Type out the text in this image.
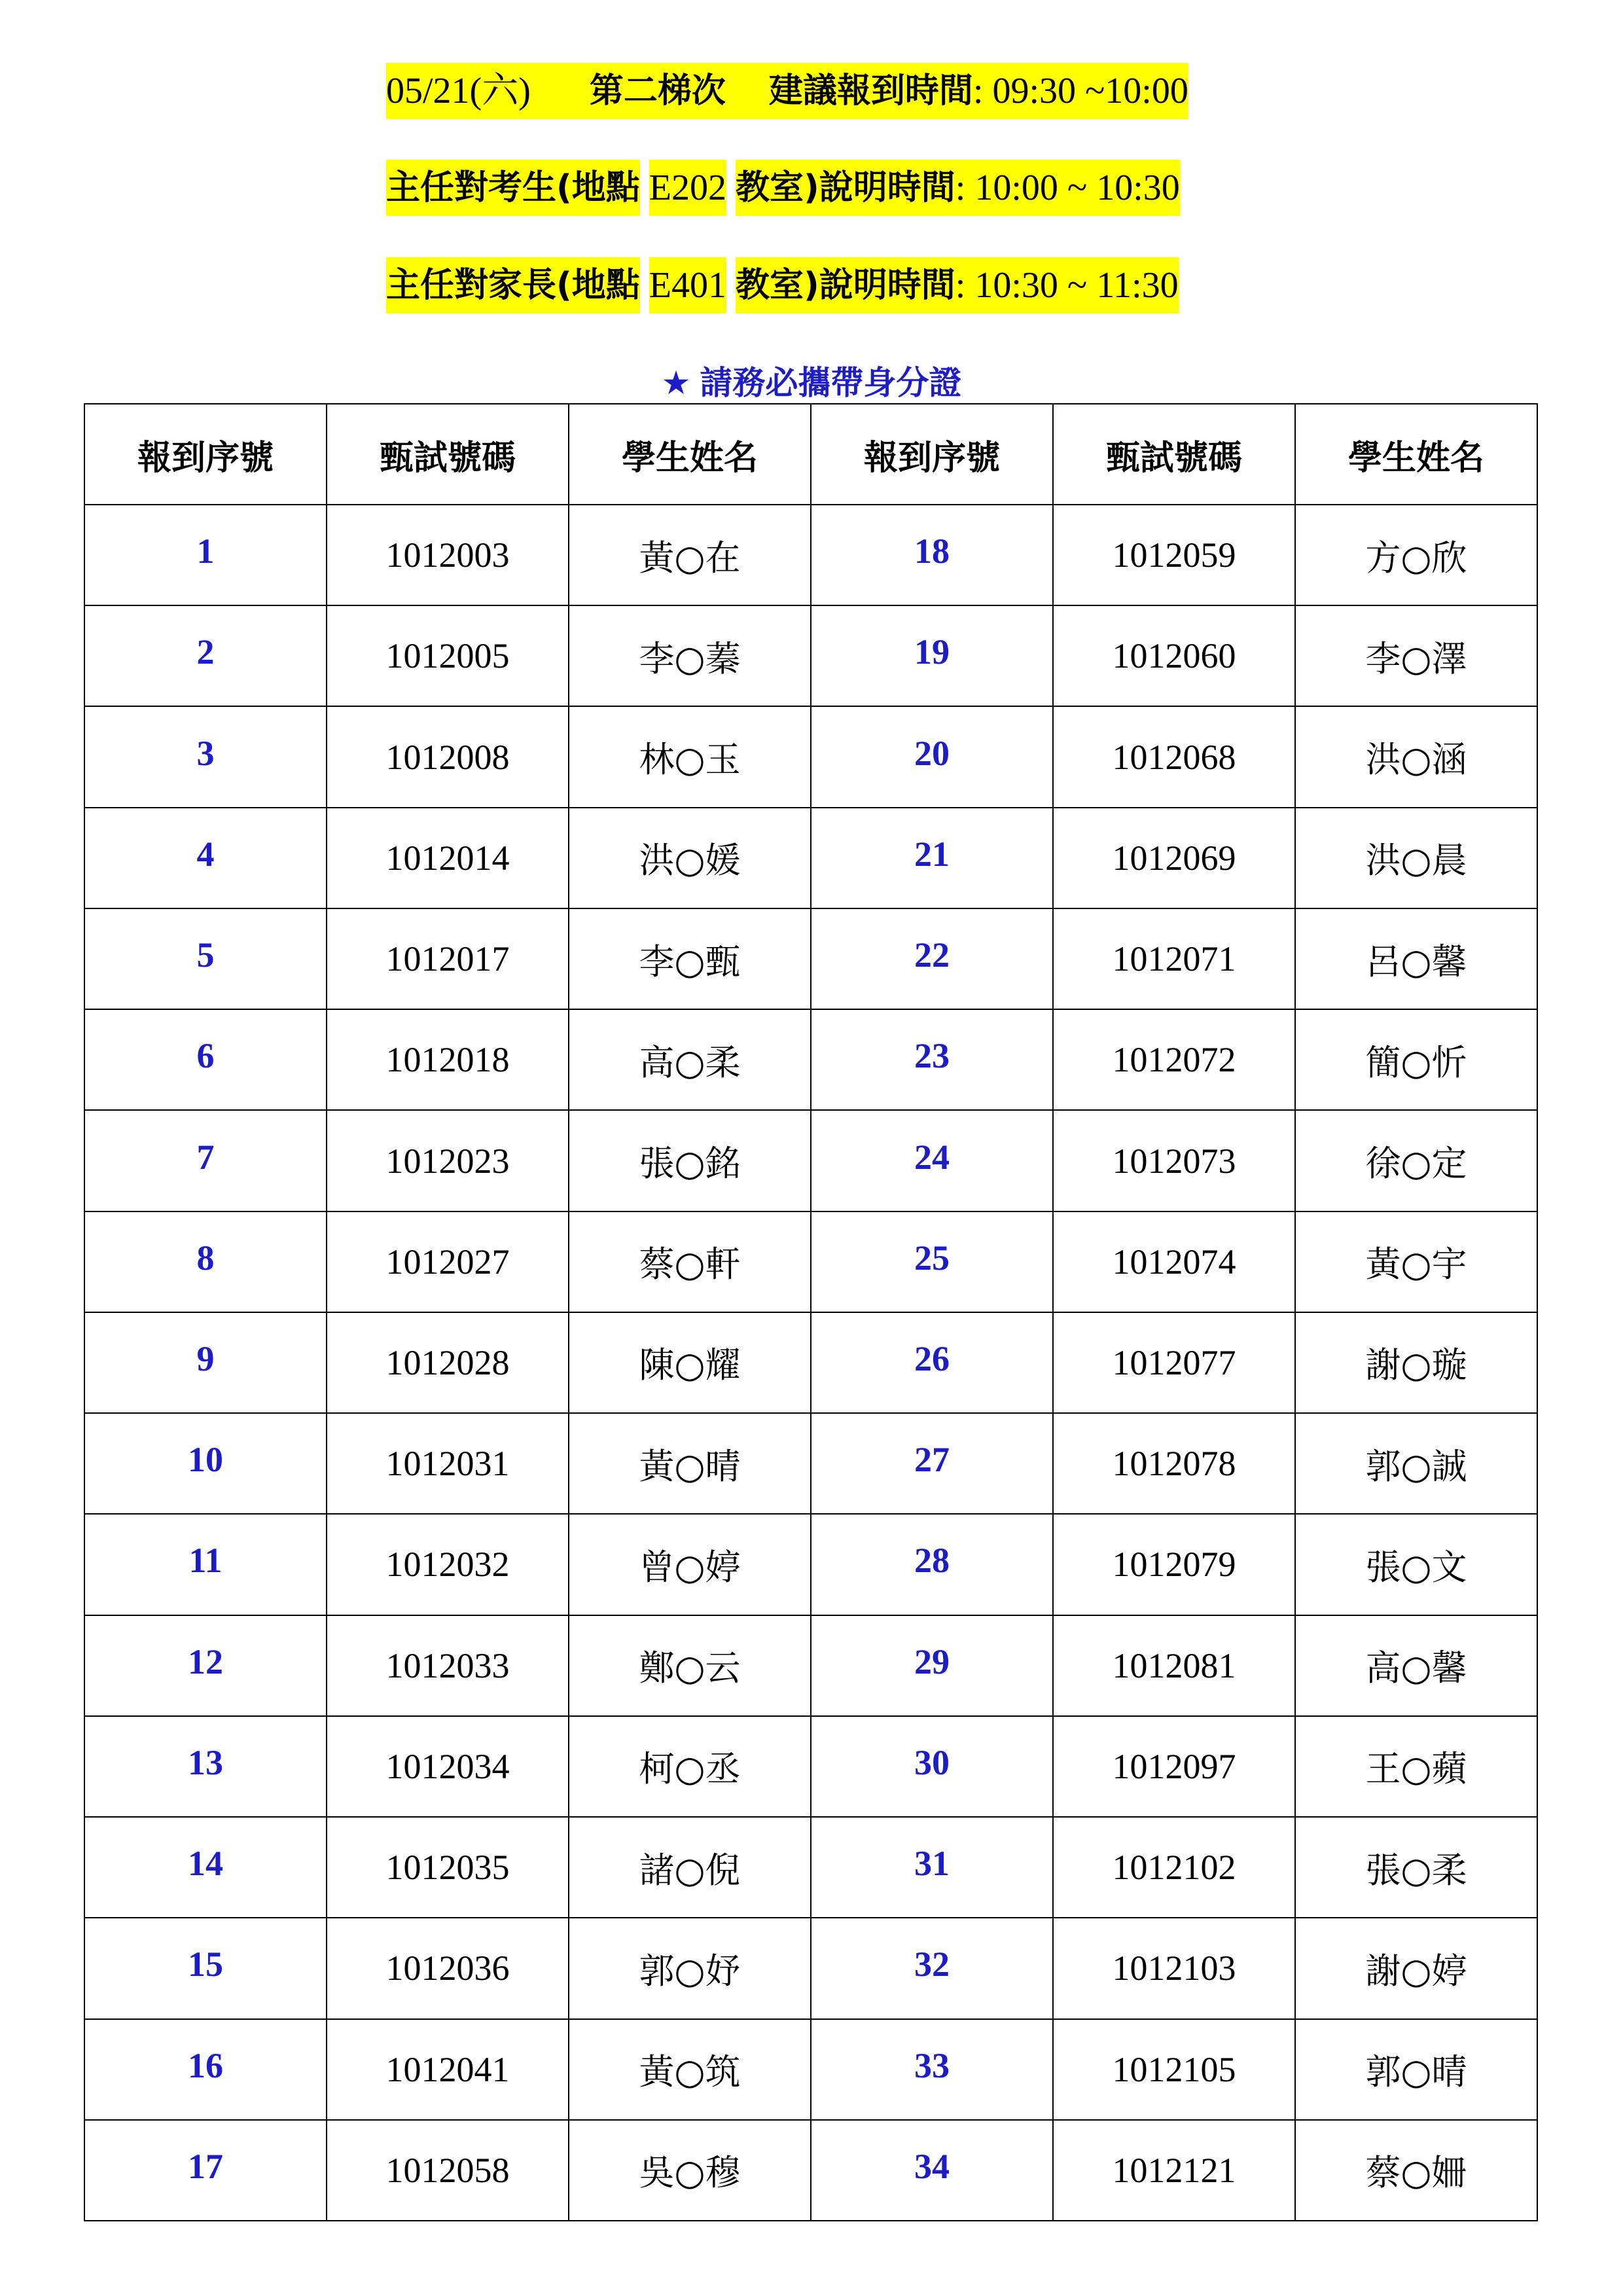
05/21(六) 第二梯次 建議報到時間 : 09:30 ~10:00
主任對考生(地點 E202 教室)說明時間 : 10:00 ~ 10:30
主任對家長(地點 E401 教室)說明時間 : 10:30 ~ 11:30
★ 請務必攜帶身分證
報到序號	甄試號碼	學生姓名	報到序號	甄試號碼	學生姓名
1	1012003	黃○在	18	1012059	方○欣
2	1012005	李○蓁	19	1012060	李○澤
3	1012008	林○玉	20	1012068	洪○涵
4	1012014	洪○媛	21	1012069	洪○晨
5	1012017	李○甄	22	1012071	呂○馨
6	1012018	高○柔	23	1012072	簡○忻
7	1012023	張○銘	24	1012073	徐○定
8	1012027	蔡○軒	25	1012074	黃○宇
9	1012028	陳○耀	26	1012077	謝○璇
10	1012031	黃○晴	27	1012078	郭○誠
11	1012032	曾○婷	28	1012079	張○文
12	1012033	鄭○云	29	1012081	高○馨
13	1012034	柯○丞	30	1012097	王○蘋
14	1012035	諸○倪	31	1012102	張○柔
15	1012036	郭○妤	32	1012103	謝○婷
16	1012041	黃○筑	33	1012105	郭○晴
17	1012058	吳○穆	34	1012121	蔡○姍
